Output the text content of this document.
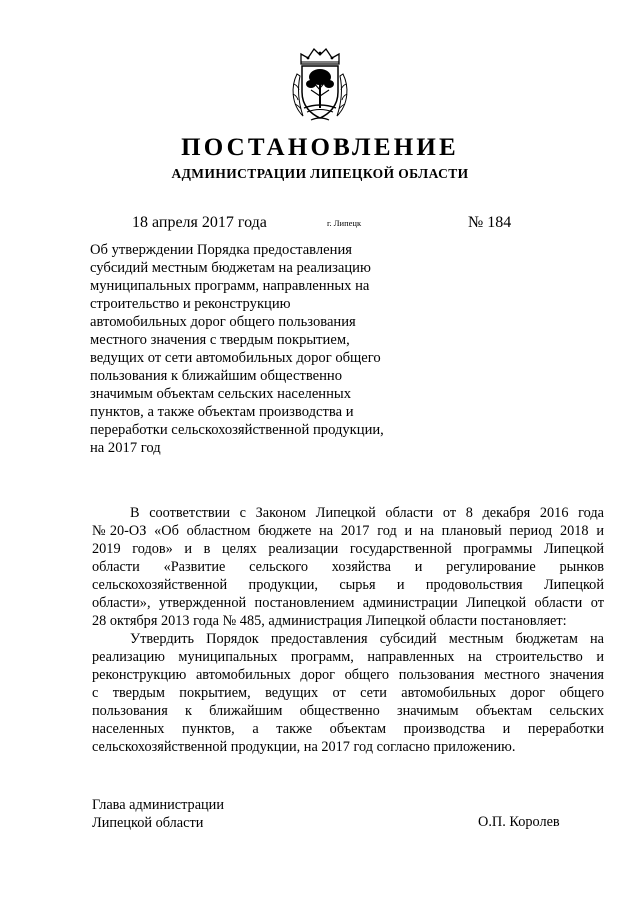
ПОСТАНОВЛЕНИЕ
АДМИНИСТРАЦИИ ЛИПЕЦКОЙ ОБЛАСТИ
18 апреля 2017 года	г. Липецк	№ 184
Об утверждении Порядка предоставления
субсидий местным бюджетам на реализацию
муниципальных программ, направленных на
строительство и реконструкцию
автомобильных дорог общего пользования
местного значения с твердым покрытием,
ведущих от сети автомобильных дорог общего
пользования к ближайшим общественно
значимым объектам сельских населенных
пунктов, а также объектам производства и
переработки сельскохозяйственной продукции,
на 2017 год
В соответствии с Законом Липецкой области от 8 декабря 2016 года
№20-ОЗ «Об областном бюджете на 2017 год и на плановый период 2018 и
2019 годов» и в целях реализации государственной программы Липецкой
области «Развитие сельского хозяйства и регулирование рынков
сельскохозяйственной продукции, сырья и продовольствия Липецкой
области», утвержденной постановлением администрации Липецкой области от
28 октября 2013 года № 485, администрация Липецкой области постановляет:
Утвердить Порядок предоставления субсидий местным бюджетам на
реализацию муниципальных программ, направленных на строительство и
реконструкцию автомобильных дорог общего пользования местного значения
с твердым покрытием, ведущих от сети автомобильных дорог общего
пользования к ближайшим общественно значимым объектам сельских
населенных пунктов, а также объектам производства и переработки
сельскохозяйственной продукции, на 2017 год согласно приложению.
Глава администрации
Липецкой области	О.П. Королев
